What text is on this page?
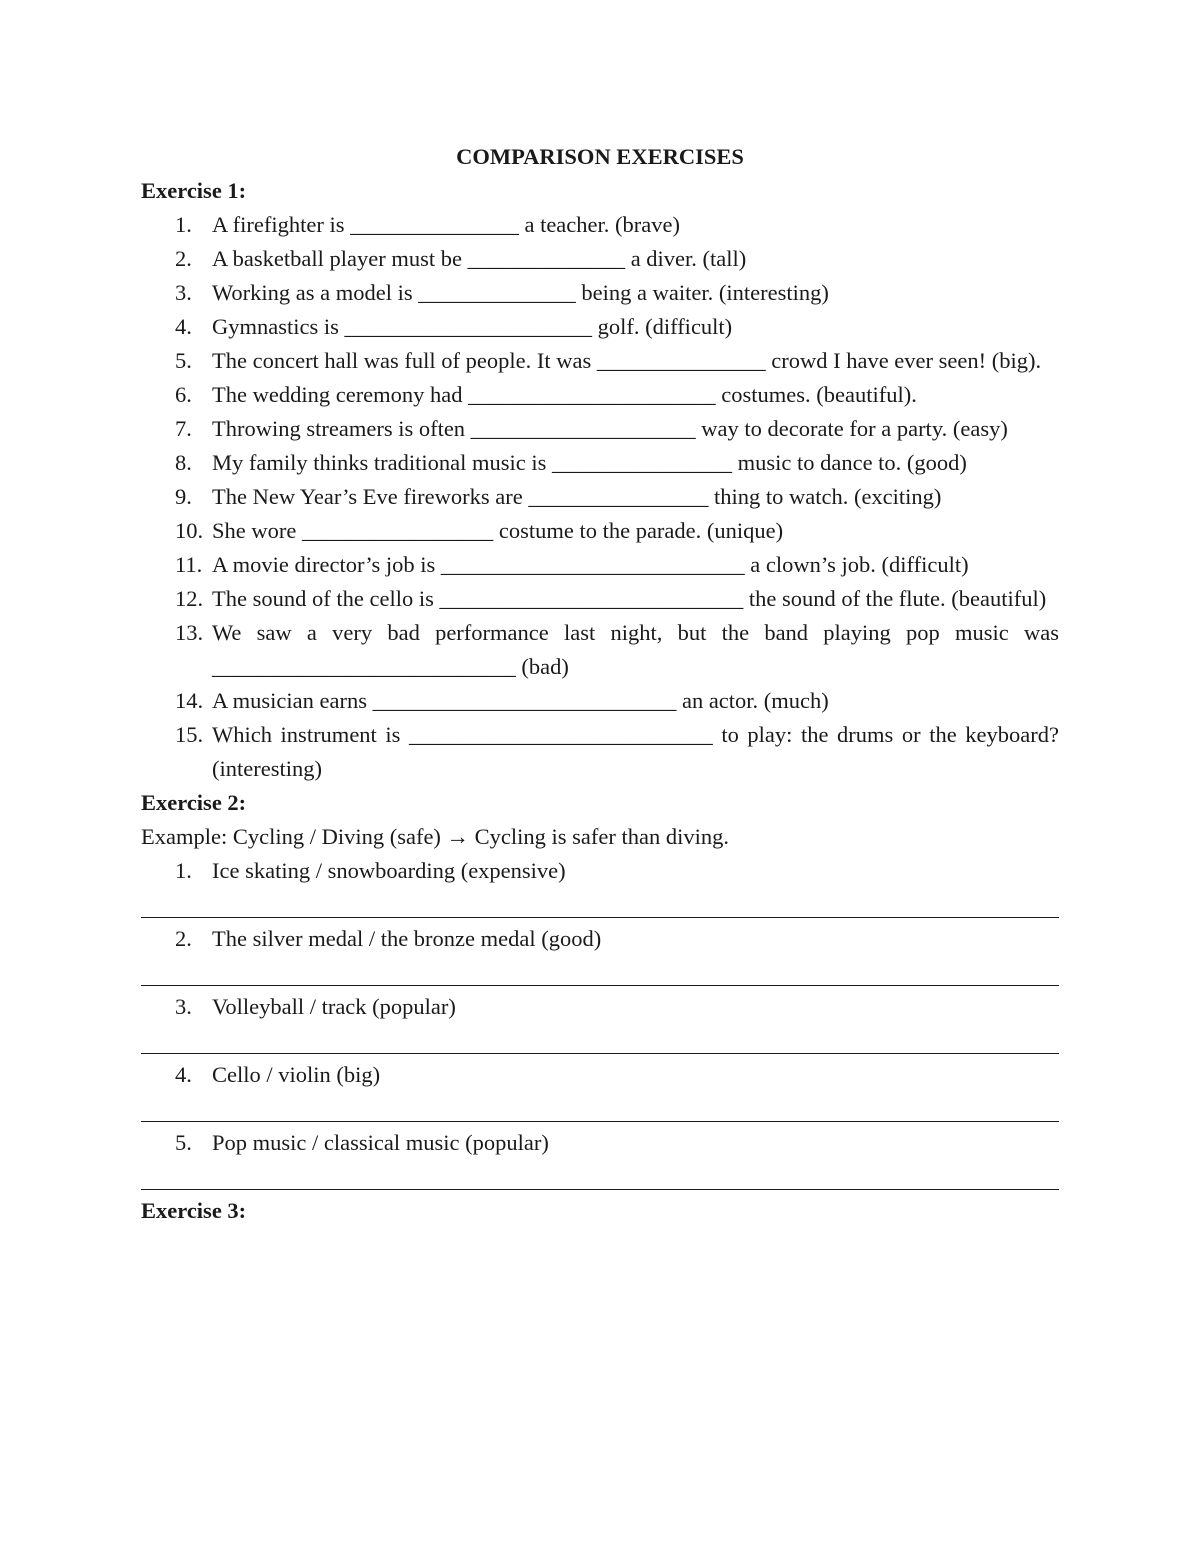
COMPARISON EXERCISES
Exercise 1:
1. A firefighter is _______________ a teacher. (brave)
2. A basketball player must be ______________ a diver. (tall)
3. Working as a model is ______________ being a waiter. (interesting)
4. Gymnastics is ______________________ golf. (difficult)
5. The concert hall was full of people. It was _______________ crowd I have ever seen! (big).
6. The wedding ceremony had ______________________ costumes. (beautiful).
7. Throwing streamers is often ____________________ way to decorate for a party. (easy)
8. My family thinks traditional music is ________________ music to dance to. (good)
9. The New Year’s Eve fireworks are ________________ thing to watch. (exciting)
10. She wore _________________ costume to the parade. (unique)
11. A movie director’s job is ___________________________ a clown’s job. (difficult)
12. The sound of the cello is ___________________________ the sound of the flute. (beautiful)
13. We saw a very bad performance last night, but the band playing pop music was ___________________________ (bad)
14. A musician earns ___________________________ an actor. (much)
15. Which instrument is ___________________________ to play: the drums or the keyboard? (interesting)
Exercise 2:
Example: Cycling / Diving (safe) → Cycling is safer than diving.
1. Ice skating / snowboarding (expensive)
2. The silver medal / the bronze medal (good)
3. Volleyball / track (popular)
4. Cello / violin (big)
5. Pop music / classical music (popular)
Exercise 3:
